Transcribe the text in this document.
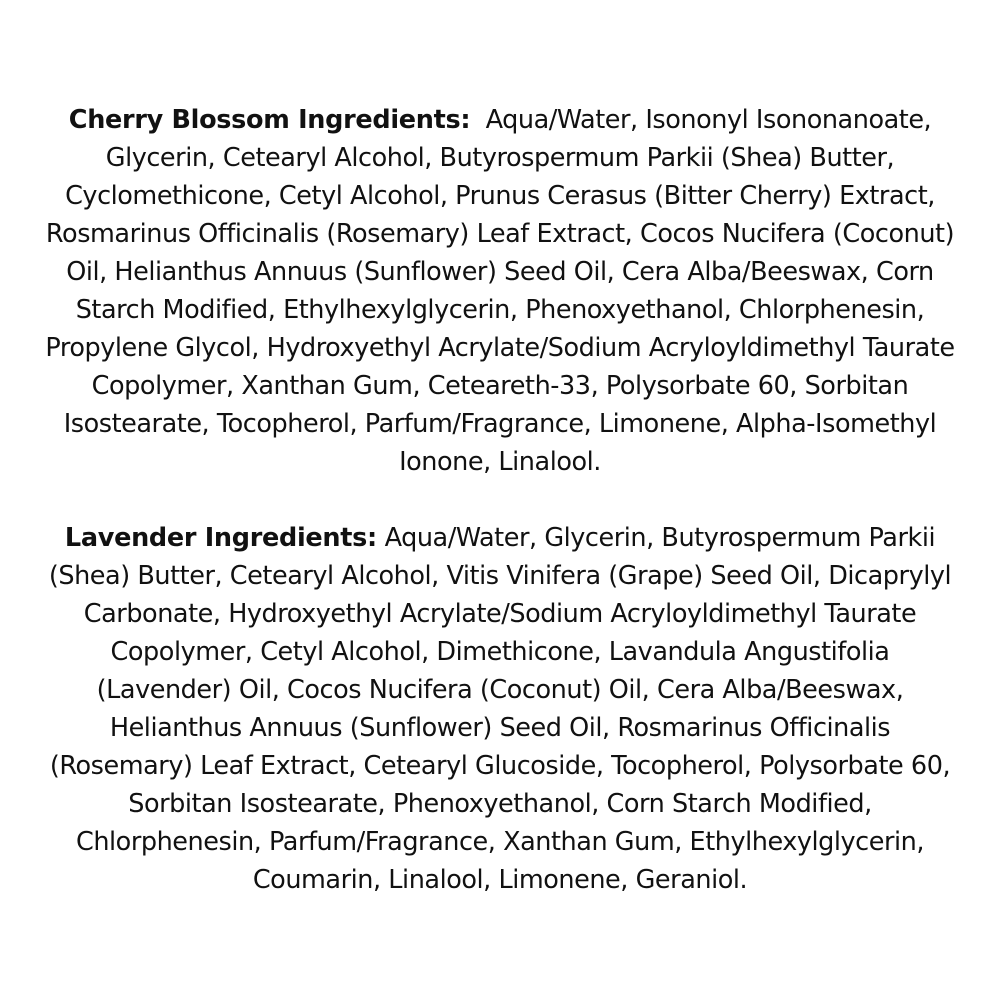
Cherry Blossom Ingredients: Aqua/Water, Isononyl Isononanoate, Glycerin, Cetearyl Alcohol, Butyrospermum Parkii (Shea) Butter, Cyclomethicone, Cetyl Alcohol, Prunus Cerasus (Bitter Cherry) Extract, Rosmarinus Officinalis (Rosemary) Leaf Extract, Cocos Nucifera (Coconut) Oil, Helianthus Annuus (Sunflower) Seed Oil, Cera Alba/Beeswax, Corn Starch Modified, Ethylhexylglycerin, Phenoxyethanol, Chlorphenesin, Propylene Glycol, Hydroxyethyl Acrylate/Sodium Acryloyldimethyl Taurate Copolymer, Xanthan Gum, Ceteareth-33, Polysorbate 60, Sorbitan Isostearate, Tocopherol, Parfum/Fragrance, Limonene, Alpha-Isomethyl Ionone, Linalool.

Lavender Ingredients: Aqua/Water, Glycerin, Butyrospermum Parkii (Shea) Butter, Cetearyl Alcohol, Vitis Vinifera (Grape) Seed Oil, Dicaprylyl Carbonate, Hydroxyethyl Acrylate/Sodium Acryloyldimethyl Taurate Copolymer, Cetyl Alcohol, Dimethicone, Lavandula Angustifolia (Lavender) Oil, Cocos Nucifera (Coconut) Oil, Cera Alba/Beeswax, Helianthus Annuus (Sunflower) Seed Oil, Rosmarinus Officinalis (Rosemary) Leaf Extract, Cetearyl Glucoside, Tocopherol, Polysorbate 60, Sorbitan Isostearate, Phenoxyethanol, Corn Starch Modified, Chlorphenesin, Parfum/Fragrance, Xanthan Gum, Ethylhexylglycerin, Coumarin, Linalool, Limonene, Geraniol.
